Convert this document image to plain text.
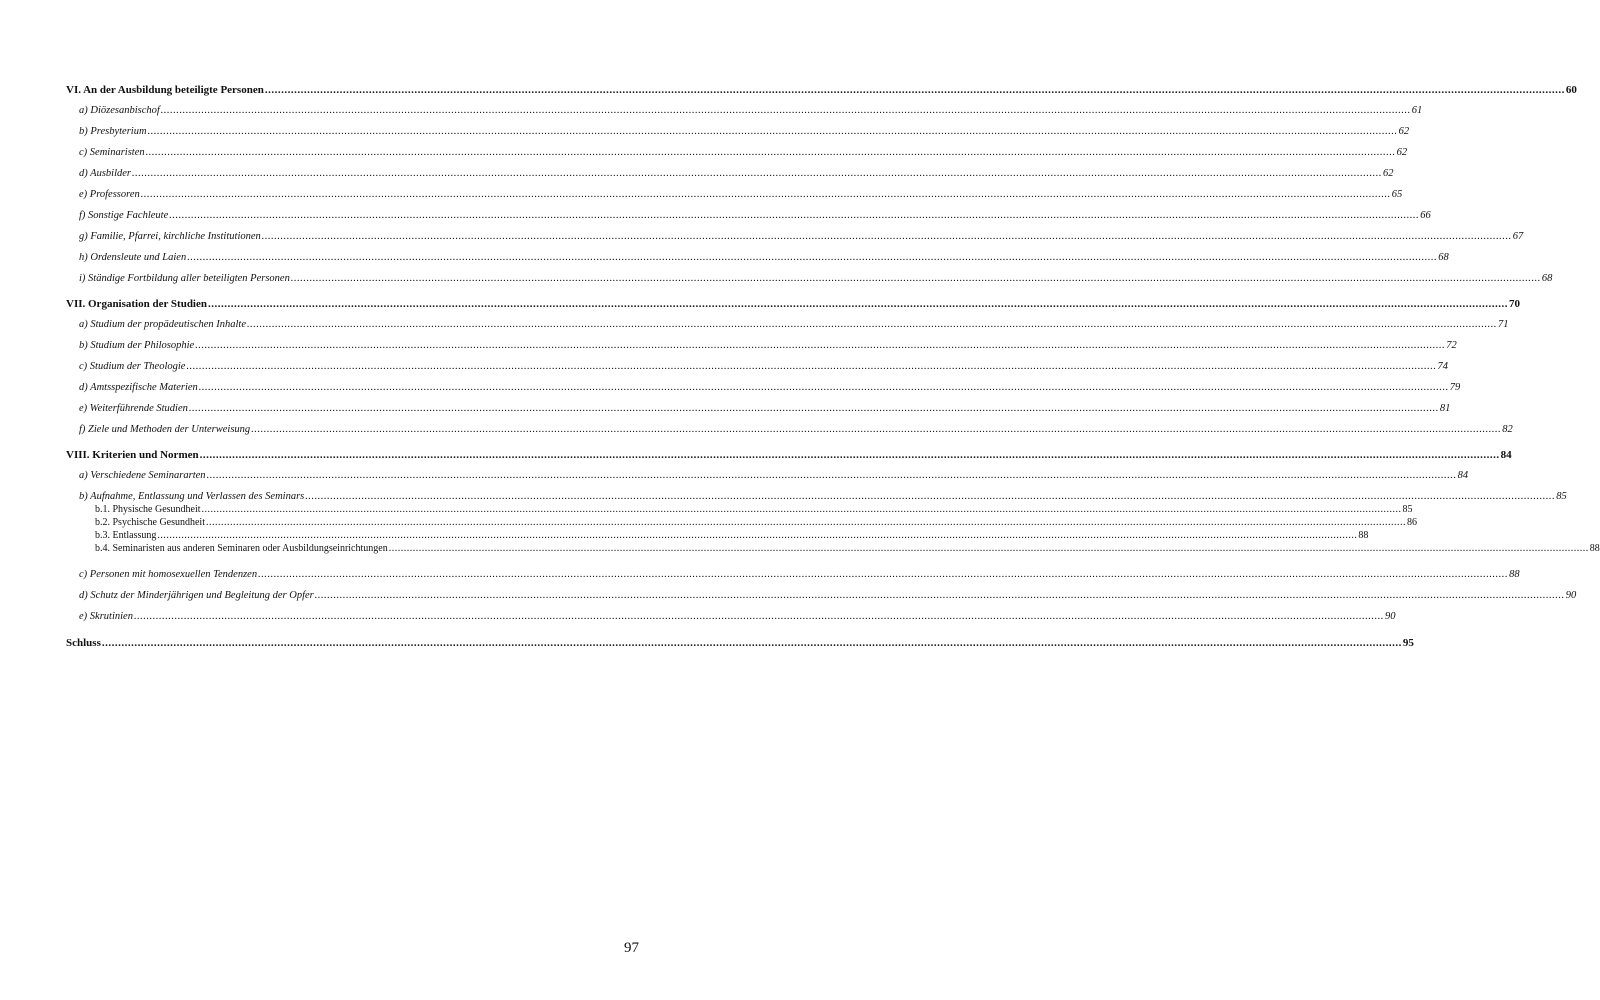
VI. An der Ausbildung beteiligte Personen ................................................................................................................................................................................................................................................................................................................................................................................................................ 60
a) Diözesanbischof ................................................................................................................................................................................................................................................................................................................................................................................................................ 61
b) Presbyterium ................................................................................................................................................................................................................................................................................................................................................................................................................ 62
c) Seminaristen ................................................................................................................................................................................................................................................................................................................................................................................................................ 62
d) Ausbilder ................................................................................................................................................................................................................................................................................................................................................................................................................ 62
e) Professoren ................................................................................................................................................................................................................................................................................................................................................................................................................ 65
f) Sonstige Fachleute ................................................................................................................................................................................................................................................................................................................................................................................................................ 66
g) Familie, Pfarrei, kirchliche Institutionen ................................................................................................................................................................................................................................................................................................................................................................................................................ 67
h) Ordensleute und Laien ................................................................................................................................................................................................................................................................................................................................................................................................................ 68
i) Ständige Fortbildung aller beteiligten Personen ................................................................................................................................................................................................................................................................................................................................................................................................................ 68
VII. Organisation der Studien ................................................................................................................................................................................................................................................................................................................................................................................................................ 70
a) Studium der propädeutischen Inhalte ................................................................................................................................................................................................................................................................................................................................................................................................................ 71
b) Studium der Philosophie ................................................................................................................................................................................................................................................................................................................................................................................................................ 72
c) Studium der Theologie ................................................................................................................................................................................................................................................................................................................................................................................................................ 74
d) Amtsspezifische Materien ................................................................................................................................................................................................................................................................................................................................................................................................................ 79
e) Weiterführende Studien ................................................................................................................................................................................................................................................................................................................................................................................................................ 81
f) Ziele und Methoden der Unterweisung ................................................................................................................................................................................................................................................................................................................................................................................................................ 82
VIII. Kriterien und Normen ................................................................................................................................................................................................................................................................................................................................................................................................................ 84
a) Verschiedene Seminararten ................................................................................................................................................................................................................................................................................................................................................................................................................ 84
b) Aufnahme, Entlassung und Verlassen des Seminars ................................................................................................................................................................................................................................................................................................................................................................................................................ 85
b.1. Physische Gesundheit ................................................................................................................................................................................................................................................................................................................................................................................................................ 85
b.2. Psychische Gesundheit ................................................................................................................................................................................................................................................................................................................................................................................................................ 86
b.3. Entlassung ................................................................................................................................................................................................................................................................................................................................................................................................................ 88
b.4. Seminaristen aus anderen Seminaren oder Ausbildungseinrichtungen ................................................................................................................................................................................................................................................................................................................................................................................................................ 88
c) Personen mit homosexuellen Tendenzen ................................................................................................................................................................................................................................................................................................................................................................................................................ 88
d) Schutz der Minderjährigen und Begleitung der Opfer ................................................................................................................................................................................................................................................................................................................................................................................................................ 90
e) Skrutinien ................................................................................................................................................................................................................................................................................................................................................................................................................ 90
Schluss ................................................................................................................................................................................................................................................................................................................................................................................................................ 95
97
